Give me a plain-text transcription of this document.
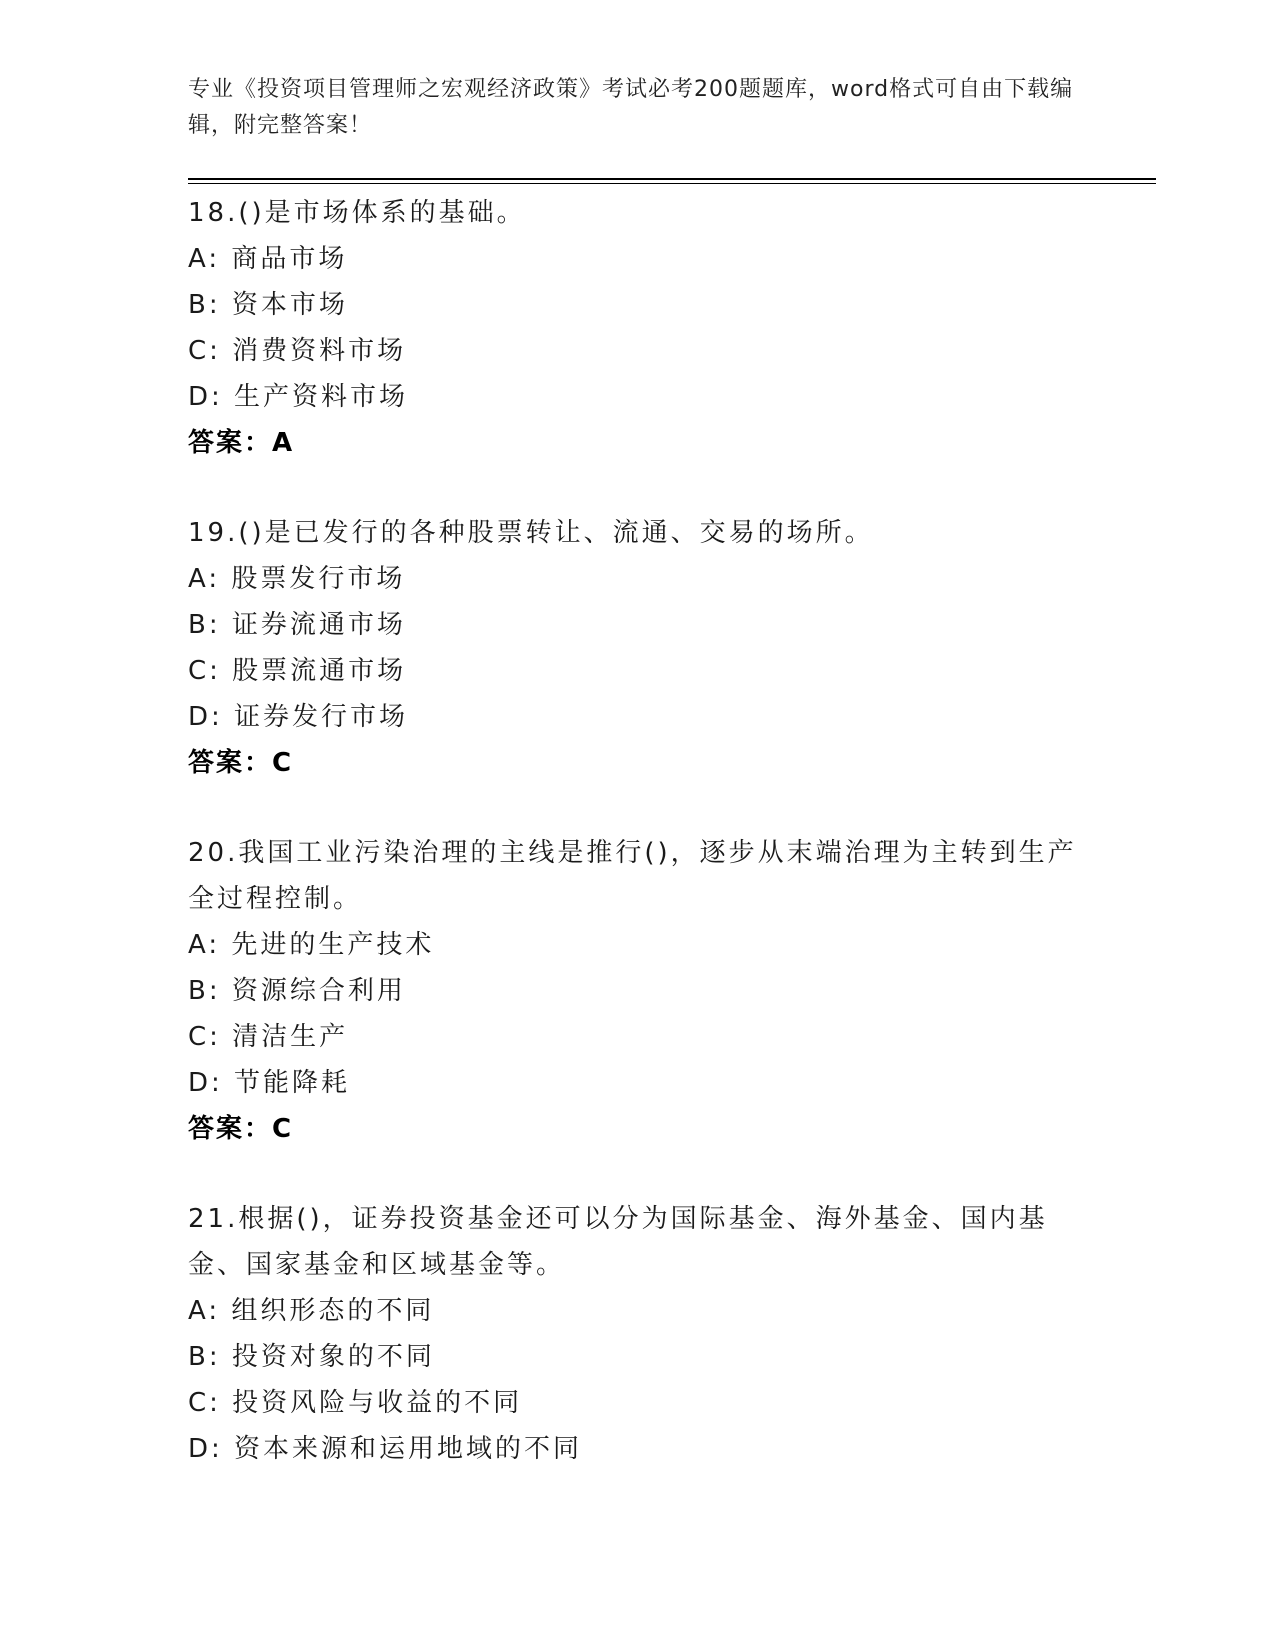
专业《投资项目管理师之宏观经济政策》考试必考200题题库，word格式可自由下载编辑，附完整答案！
18.()是市场体系的基础。
A: 商品市场
B: 资本市场
C: 消费资料市场
D: 生产资料市场
答案：A
19.()是已发行的各种股票转让、流通、交易的场所。
A: 股票发行市场
B: 证券流通市场
C: 股票流通市场
D: 证券发行市场
答案：C
20.我国工业污染治理的主线是推行()，逐步从末端治理为主转到生产全过程控制。
A: 先进的生产技术
B: 资源综合利用
C: 清洁生产
D: 节能降耗
答案：C
21.根据()，证券投资基金还可以分为国际基金、海外基金、国内基金、国家基金和区域基金等。
A: 组织形态的不同
B: 投资对象的不同
C: 投资风险与收益的不同
D: 资本来源和运用地域的不同
